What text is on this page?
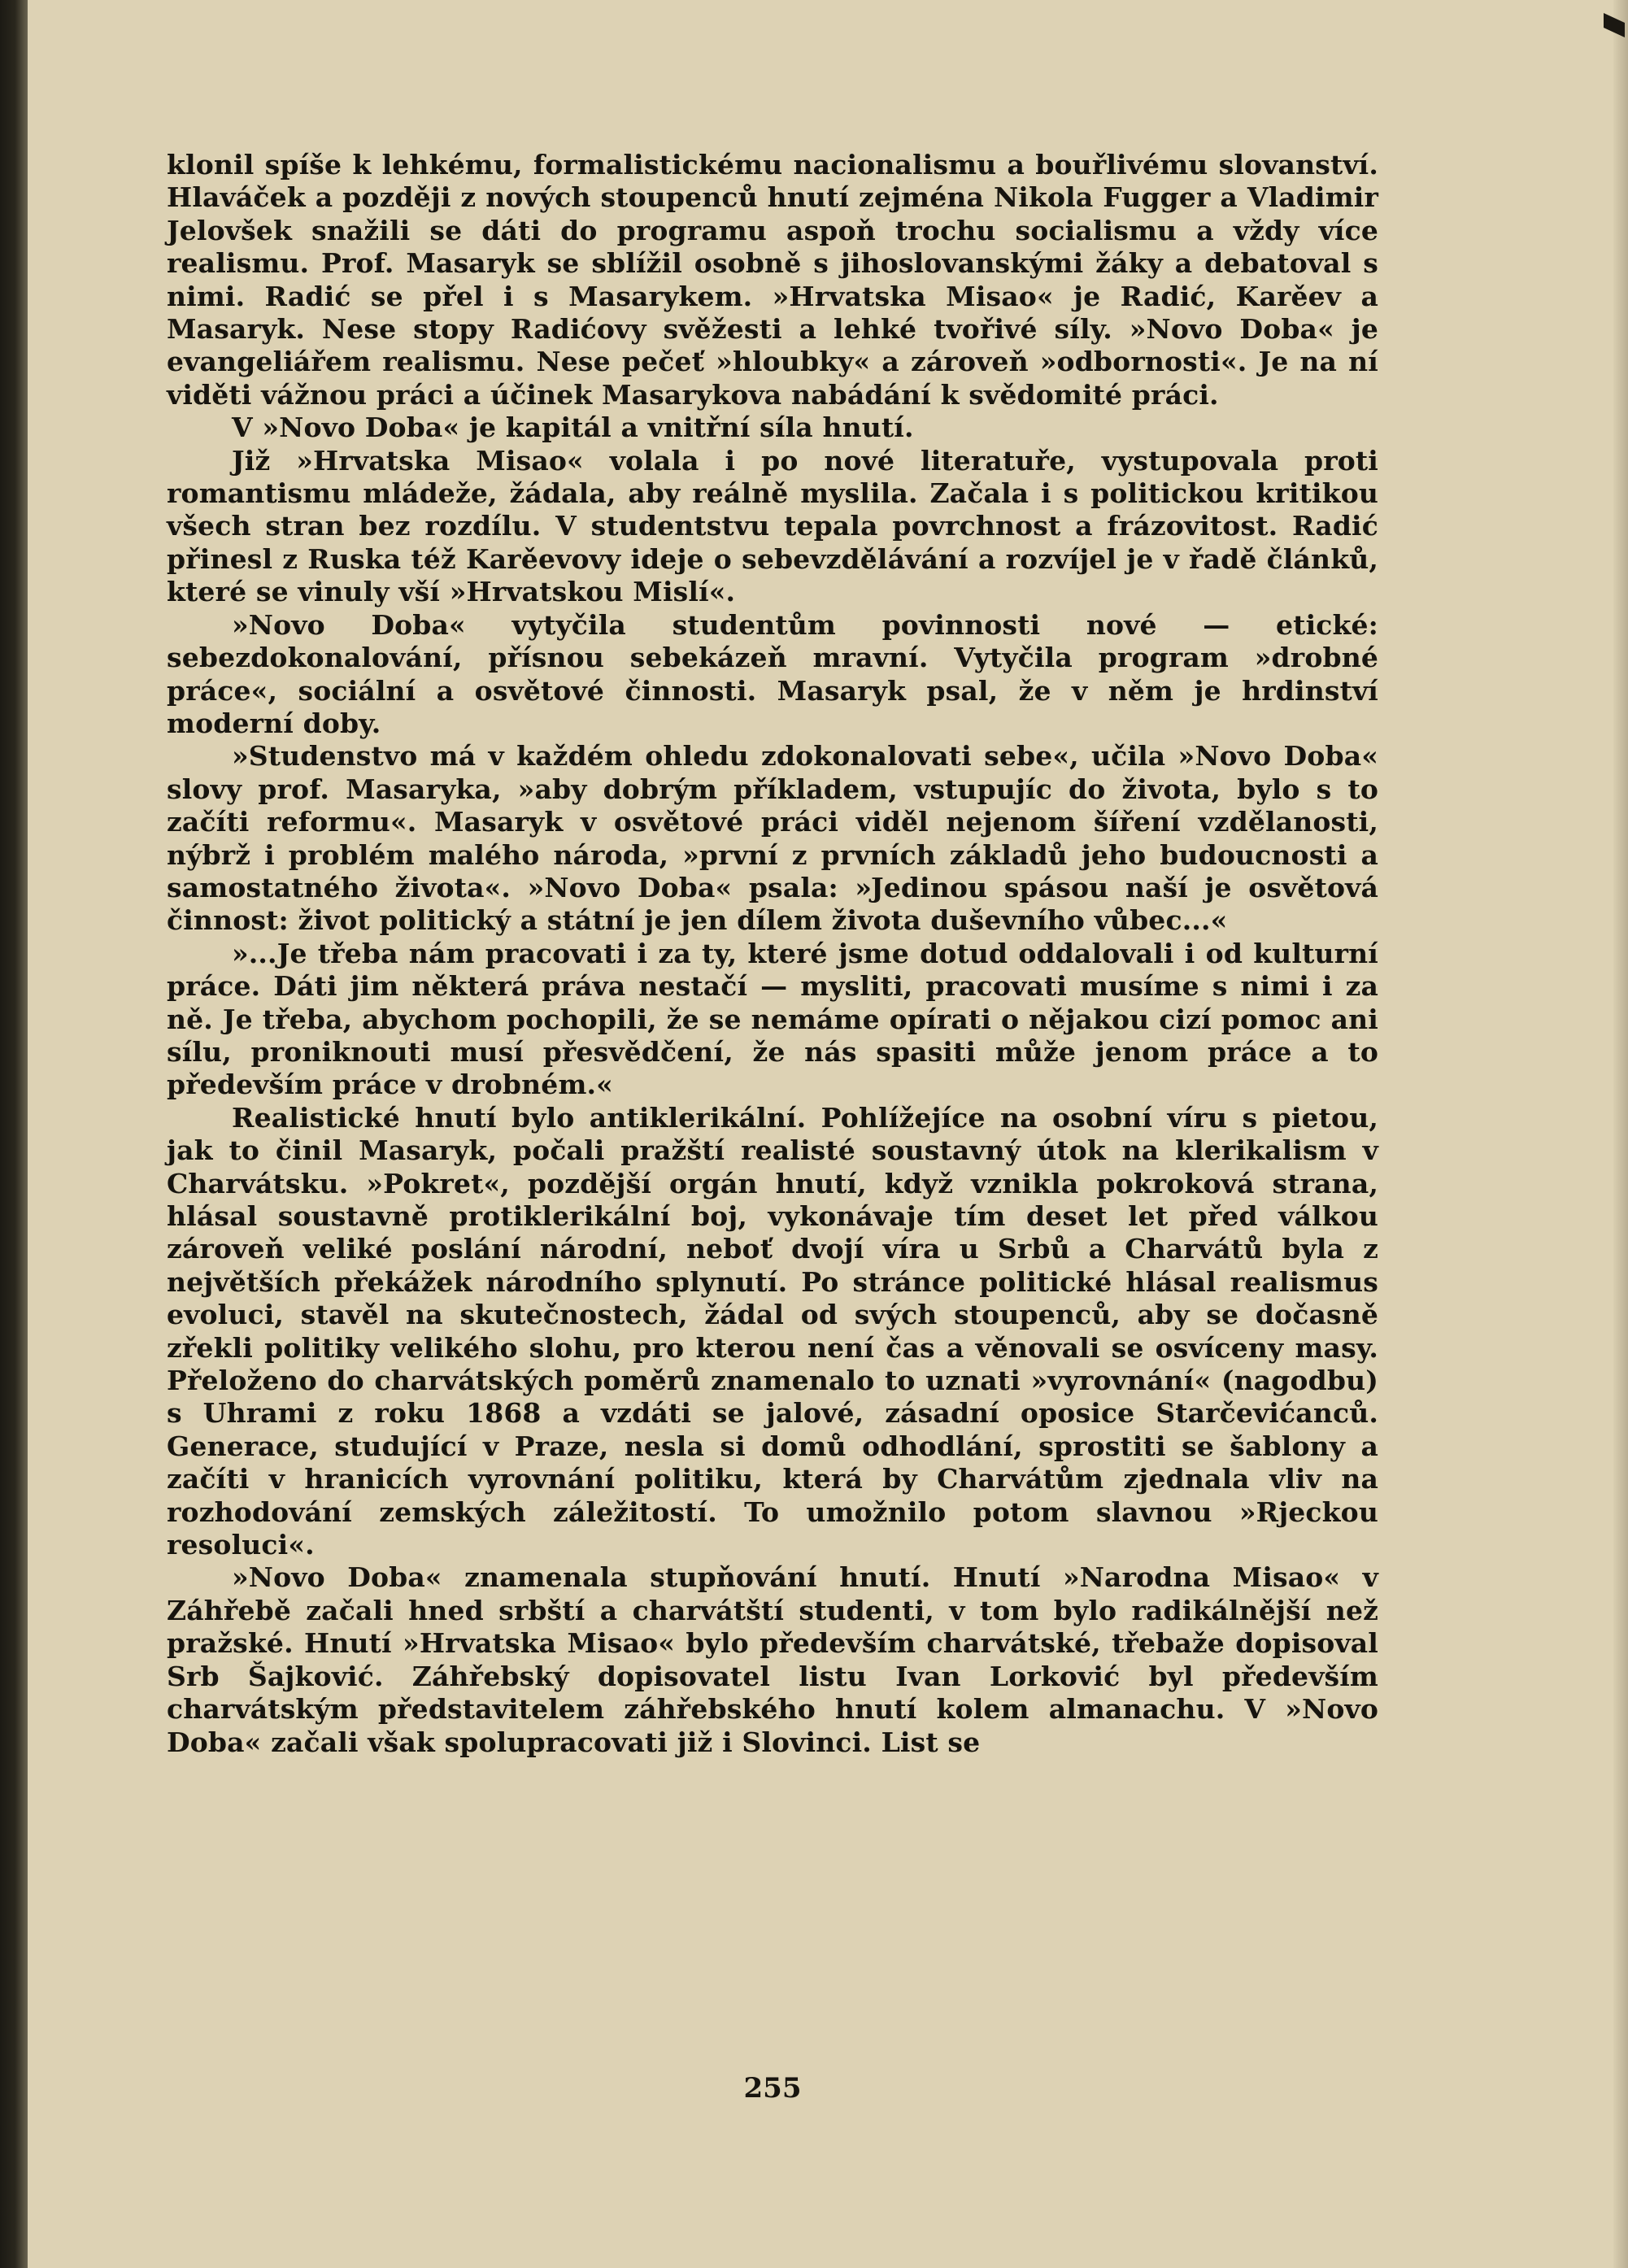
klonil spíše k lehkému, formalistickému nacionalismu a bouřlivému slovanství. Hlaváček a později z nových stoupenců hnutí zejména Nikola Fugger a Vladimir Jelovšek snažili se dáti do programu aspoň trochu socialismu a vždy více realismu. Prof. Masaryk se sblížil osobně s jihoslovanskými žáky a debatoval s nimi. Radić se přel i s Masarykem. »Hrvatska Misao« je Radić, Karěev a Masaryk. Nese stopy Radićovy svěžesti a lehké tvořivé síly. »Novo Doba« je evangeliářem realismu. Nese pečeť »hloubky« a zároveň »odbornosti«. Je na ní viděti vážnou práci a účinek Masarykova nabádání k svědomité práci.

V »Novo Doba« je kapitál a vnitřní síla hnutí.

Již »Hrvatska Misao« volala i po nové literatuře, vystupovala proti romantismu mládeže, žádala, aby reálně myslila. Začala i s politickou kritikou všech stran bez rozdílu. V studentstvu tepala povrchnost a frázovitost. Radić přinesl z Ruska též Karěevovy ideje o sebevzdělávání a rozvíjel je v řadě článků, které se vinuly vší »Hrvatskou Mislí«.

»Novo Doba« vytyčila studentům povinnosti nové — etické: sebezdokonalování, přísnou sebekázeň mravní. Vytyčila program »drobné práce«, sociální a osvětové činnosti. Masaryk psal, že v něm je hrdinství moderní doby.

»Studenstvo má v každém ohledu zdokonalovati sebe«, učila »Novo Doba« slovy prof. Masaryka, »aby dobrým příkladem, vstupujíc do života, bylo s to začíti reformu«. Masaryk v osvětové práci viděl nejenom šíření vzdělanosti, nýbrž i problém malého národa, »první z prvních základů jeho budoucnosti a samostatného života«. »Novo Doba« psala: »Jedinou spásou naší je osvětová činnost: život politický a státní je jen dílem života duševního vůbec...«

»...Je třeba nám pracovati i za ty, které jsme dotud oddalovali i od kulturní práce. Dáti jim některá práva nestačí — mysliti, pracovati musíme s nimi i za ně. Je třeba, abychom pochopili, že se nemáme opírati o nějakou cizí pomoc ani sílu, proniknouti musí přesvědčení, že nás spasiti může jenom práce a to především práce v drobném.«

Realistické hnutí bylo antiklerikální. Pohlížejíce na osobní víru s pietou, jak to činil Masaryk, počali pražští realisté soustavný útok na klerikalism v Charvátsku. »Pokret«, pozdější orgán hnutí, když vznikla pokroková strana, hlásal soustavně protiklerikální boj, vykonávaje tím deset let před válkou zároveň veliké poslání národní, neboť dvojí víra u Srbů a Charvátů byla z největších překážek národního splynutí. Po stránce politické hlásal realismus evoluci, stavěl na skutečnostech, žádal od svých stoupenců, aby se dočasně zřekli politiky velikého slohu, pro kterou není čas a věnovali se osvíceny masy. Přeloženo do charvátských poměrů znamenalo to uznati »vyrovnání« (nagodbu) s Uhrami z roku 1868 a vzdáti se jalové, zásadní oposice Starčevićanců. Generace, studující v Praze, nesla si domů odhodlání, sprostiti se šablony a začíti v hranicích vyrovnání politiku, která by Charvátům zjednala vliv na rozhodování zemských záležitostí. To umožnilo potom slavnou »Rjeckou resoluci«.

»Novo Doba« znamenala stupňování hnutí. Hnutí »Narodna Misao« v Záhřebě začali hned srbští a charvátští studenti, v tom bylo radikálnější než pražské. Hnutí »Hrvatska Misao« bylo především charvátské, třebaže dopisoval Srb Šajković. Záhřebský dopisovatel listu Ivan Lorković byl především charvátským představitelem záhřebského hnutí kolem almanachu. V »Novo Doba« začali však spolupracovati již i Slovinci. List se

255
